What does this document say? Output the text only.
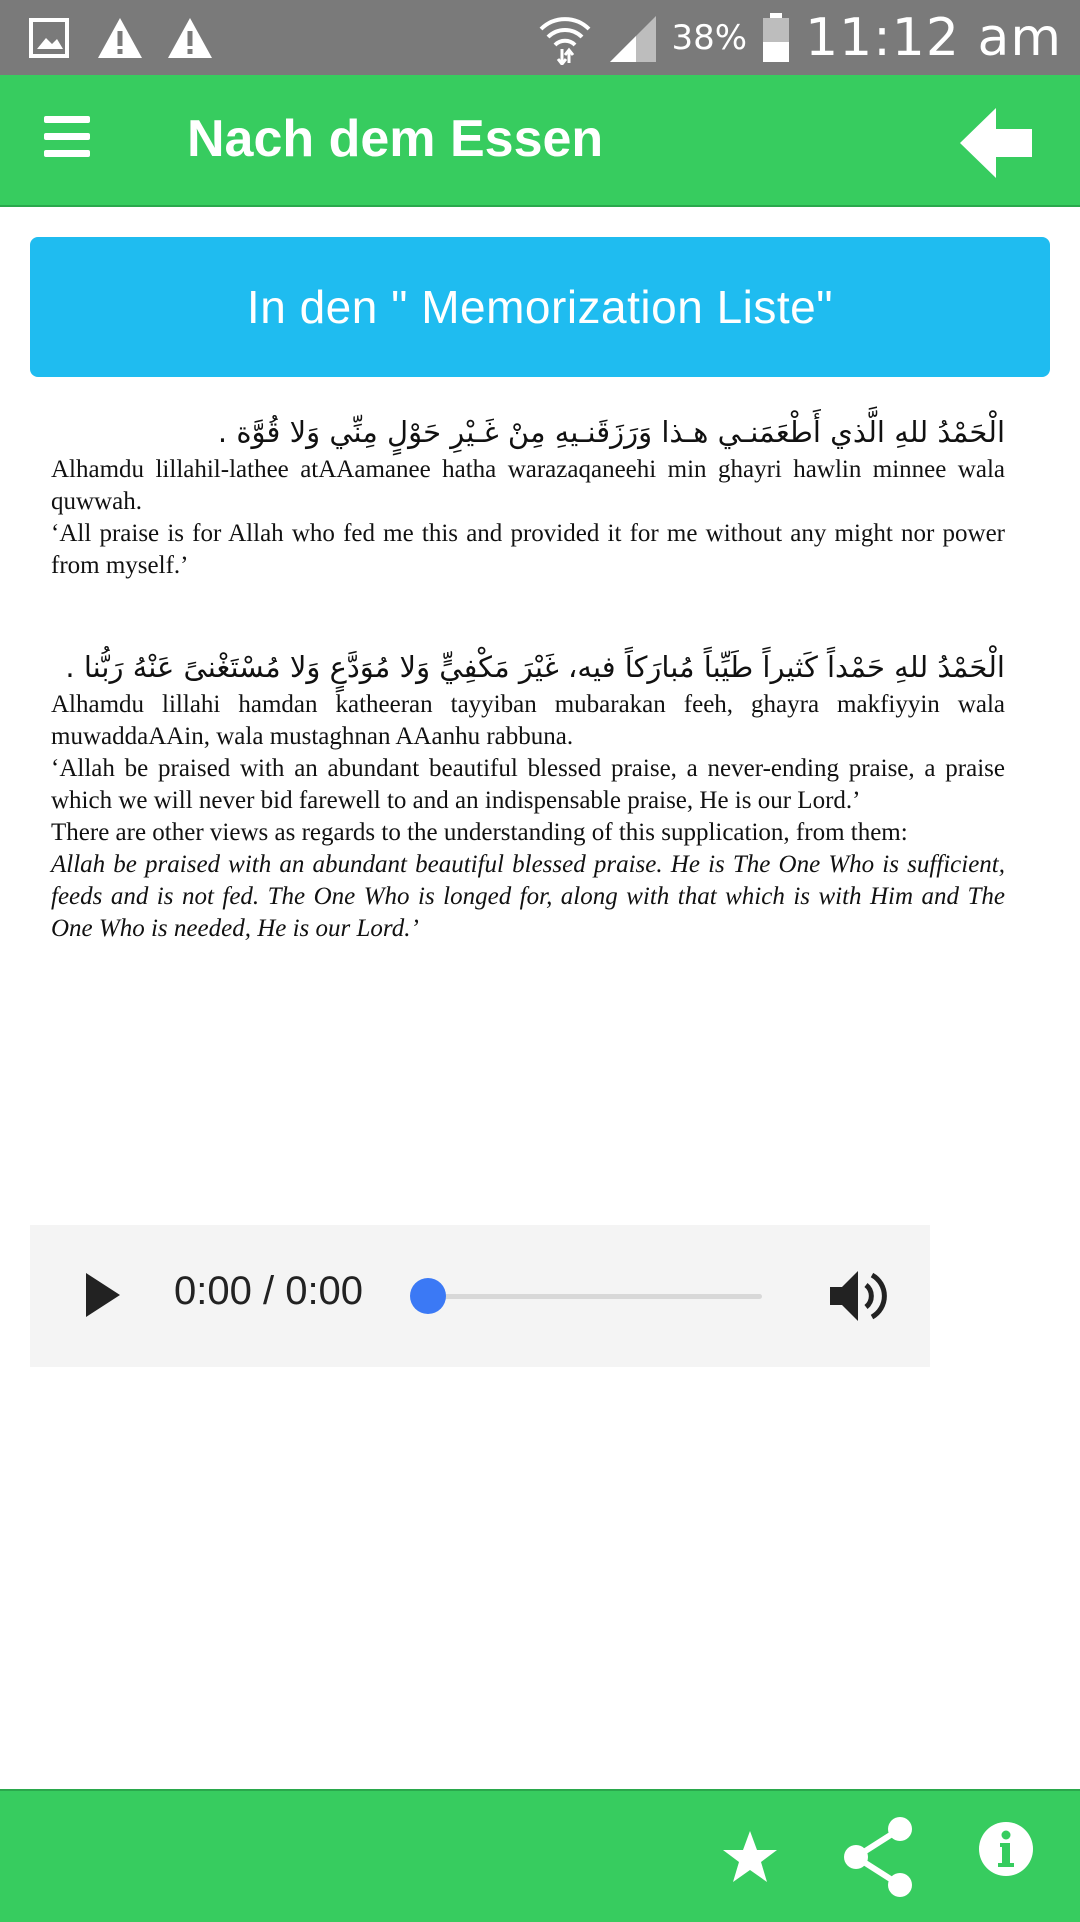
38% 11:12 am
Nach dem Essen
In den " Memorization Liste"
الْحَمْدُ للهِ الَّذي أَطْعَمَنـي هـذا وَرَزَقَنـيهِ مِنْ غَـيْرِ حَوْلٍ مِنِّي وَلا قُوَّة .
Alhamdu lillahil-lathee atAAamanee hatha warazaqaneehi min ghayri hawlin minnee wala quwwah.
‘All praise is for Allah who fed me this and provided it for me without any might nor power from myself.’
الْحَمْدُ للهِ حَمْداً كَثيراً طَيِّباً مُبارَكاً فيه، غَيْرَ مَكْفِيٍّ وَلا مُوَدَّعٍ وَلا مُسْتَغْنىً عَنْهُ رَبُّنا .
Alhamdu lillahi hamdan katheeran tayyiban mubarakan feeh, ghayra makfiyyin wala muwaddaAAin, wala mustaghnan AAanhu rabbuna.
‘Allah be praised with an abundant beautiful blessed praise, a never-ending praise, a praise which we will never bid farewell to and an indispensable praise, He is our Lord.’
There are other views as regards to the understanding of this supplication, from them:
Allah be praised with an abundant beautiful blessed praise. He is The One Who is sufficient, feeds and is not fed. The One Who is longed for, along with that which is with Him and The One Who is needed, He is our Lord.’
0:00 / 0:00
